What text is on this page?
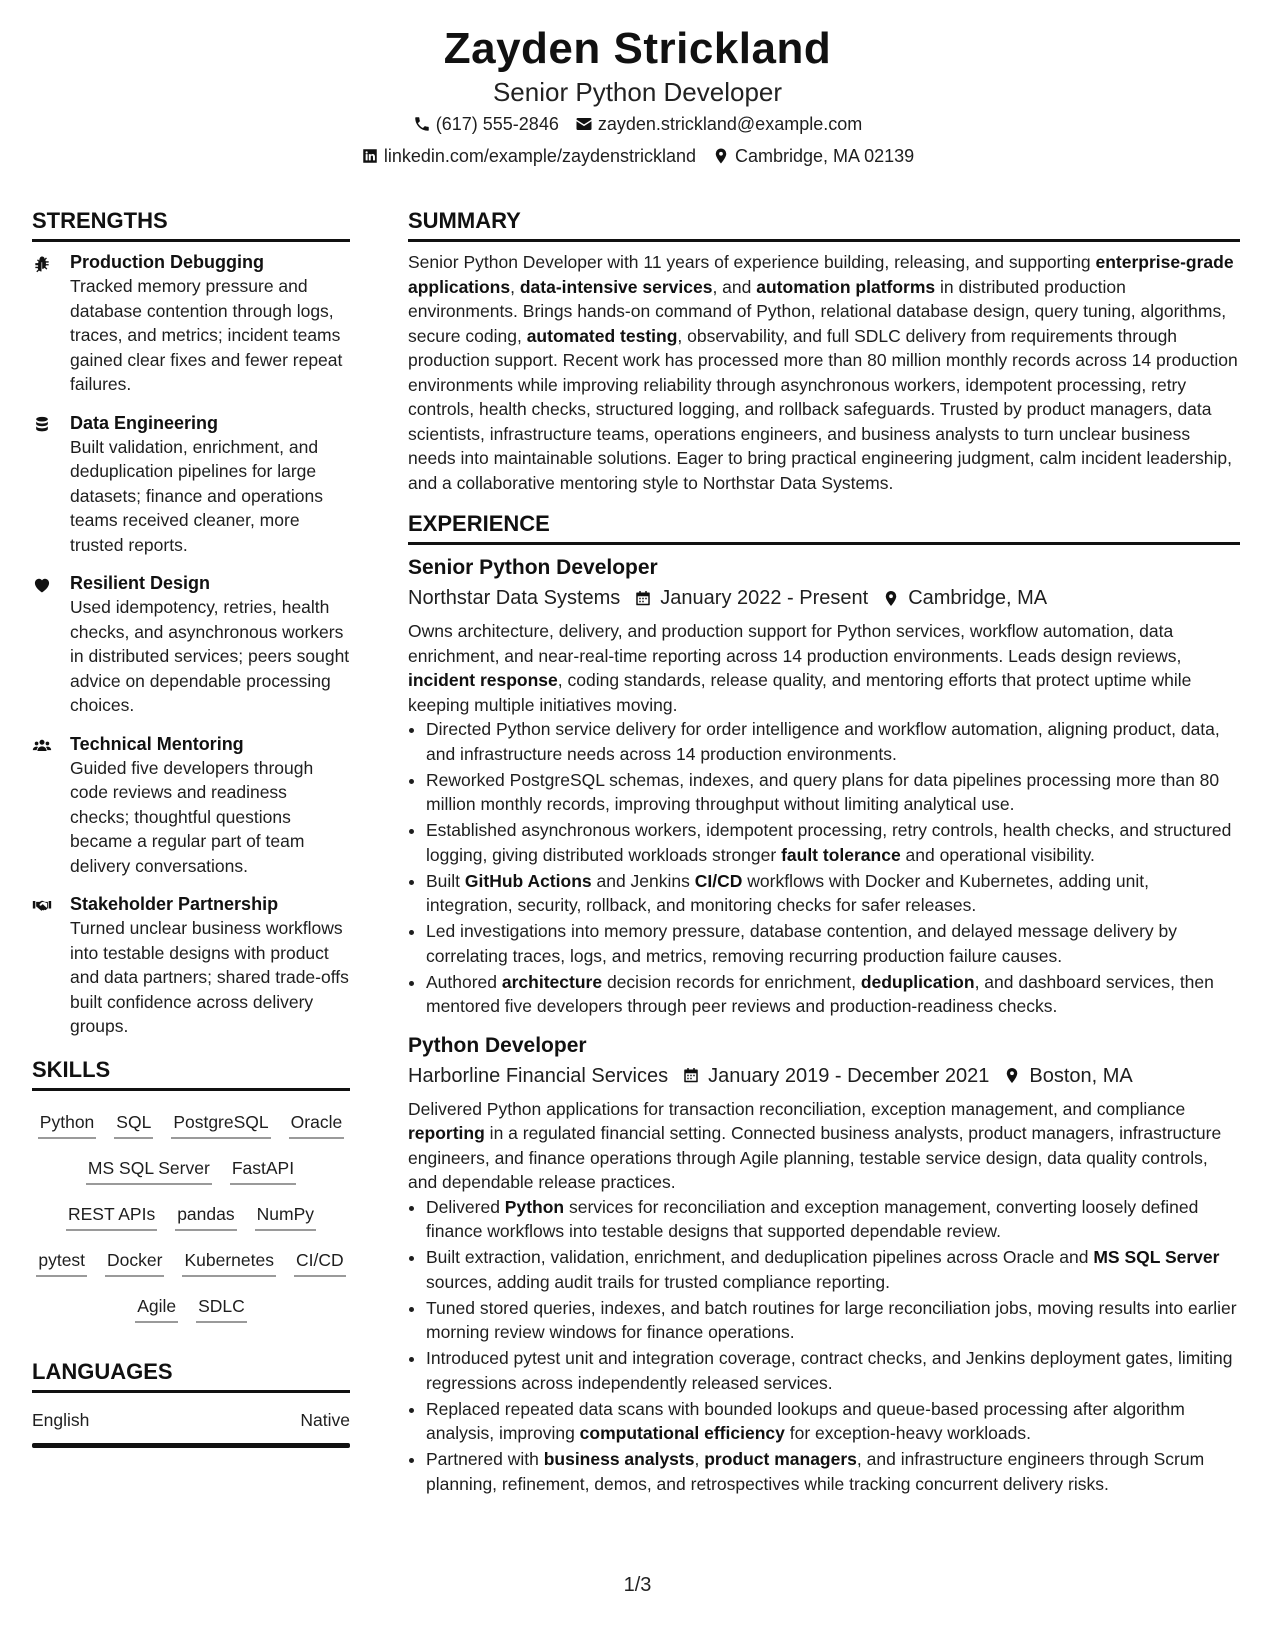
Zayden Strickland
Senior Python Developer
(617) 555-2846 zayden.strickland@example.com
linkedin.com/example/zaydenstrickland Cambridge, MA 02139
STRENGTHS
Production Debugging
Tracked memory pressure and database contention through logs, traces, and metrics; incident teams gained clear fixes and fewer repeat failures.
Data Engineering
Built validation, enrichment, and deduplication pipelines for large datasets; finance and operations teams received cleaner, more trusted reports.
Resilient Design
Used idempotency, retries, health checks, and asynchronous workers in distributed services; peers sought advice on dependable processing choices.
Technical Mentoring
Guided five developers through code reviews and readiness checks; thoughtful questions became a regular part of team delivery conversations.
Stakeholder Partnership
Turned unclear business workflows into testable designs with product and data partners; shared trade-offs built confidence across delivery groups.
SKILLS
Python SQL PostgreSQL Oracle
MS SQL Server FastAPI
REST APIs pandas NumPy
pytest Docker Kubernetes CI/CD
Agile SDLC
LANGUAGES
English	Native
SUMMARY
Senior Python Developer with 11 years of experience building, releasing, and supporting enterprise-grade applications, data-intensive services, and automation platforms in distributed production environments. Brings hands-on command of Python, relational database design, query tuning, algorithms, secure coding, automated testing, observability, and full SDLC delivery from requirements through production support. Recent work has processed more than 80 million monthly records across 14 production environments while improving reliability through asynchronous workers, idempotent processing, retry controls, health checks, structured logging, and rollback safeguards. Trusted by product managers, data scientists, infrastructure teams, operations engineers, and business analysts to turn unclear business needs into maintainable solutions. Eager to bring practical engineering judgment, calm incident leadership, and a collaborative mentoring style to Northstar Data Systems.
EXPERIENCE
Senior Python Developer
Northstar Data Systems January 2022 - Present Cambridge, MA
Owns architecture, delivery, and production support for Python services, workflow automation, data enrichment, and near-real-time reporting across 14 production environments. Leads design reviews, incident response, coding standards, release quality, and mentoring efforts that protect uptime while keeping multiple initiatives moving.
• Directed Python service delivery for order intelligence and workflow automation, aligning product, data, and infrastructure needs across 14 production environments.
• Reworked PostgreSQL schemas, indexes, and query plans for data pipelines processing more than 80 million monthly records, improving throughput without limiting analytical use.
• Established asynchronous workers, idempotent processing, retry controls, health checks, and structured logging, giving distributed workloads stronger fault tolerance and operational visibility.
• Built GitHub Actions and Jenkins CI/CD workflows with Docker and Kubernetes, adding unit, integration, security, rollback, and monitoring checks for safer releases.
• Led investigations into memory pressure, database contention, and delayed message delivery by correlating traces, logs, and metrics, removing recurring production failure causes.
• Authored architecture decision records for enrichment, deduplication, and dashboard services, then mentored five developers through peer reviews and production-readiness checks.
Python Developer
Harborline Financial Services January 2019 - December 2021 Boston, MA
Delivered Python applications for transaction reconciliation, exception management, and compliance reporting in a regulated financial setting. Connected business analysts, product managers, infrastructure engineers, and finance operations through Agile planning, testable service design, data quality controls, and dependable release practices.
• Delivered Python services for reconciliation and exception management, converting loosely defined finance workflows into testable designs that supported dependable review.
• Built extraction, validation, enrichment, and deduplication pipelines across Oracle and MS SQL Server sources, adding audit trails for trusted compliance reporting.
• Tuned stored queries, indexes, and batch routines for large reconciliation jobs, moving results into earlier morning review windows for finance operations.
• Introduced pytest unit and integration coverage, contract checks, and Jenkins deployment gates, limiting regressions across independently released services.
• Replaced repeated data scans with bounded lookups and queue-based processing after algorithm analysis, improving computational efficiency for exception-heavy workloads.
• Partnered with business analysts, product managers, and infrastructure engineers through Scrum planning, refinement, demos, and retrospectives while tracking concurrent delivery risks.
1/3
